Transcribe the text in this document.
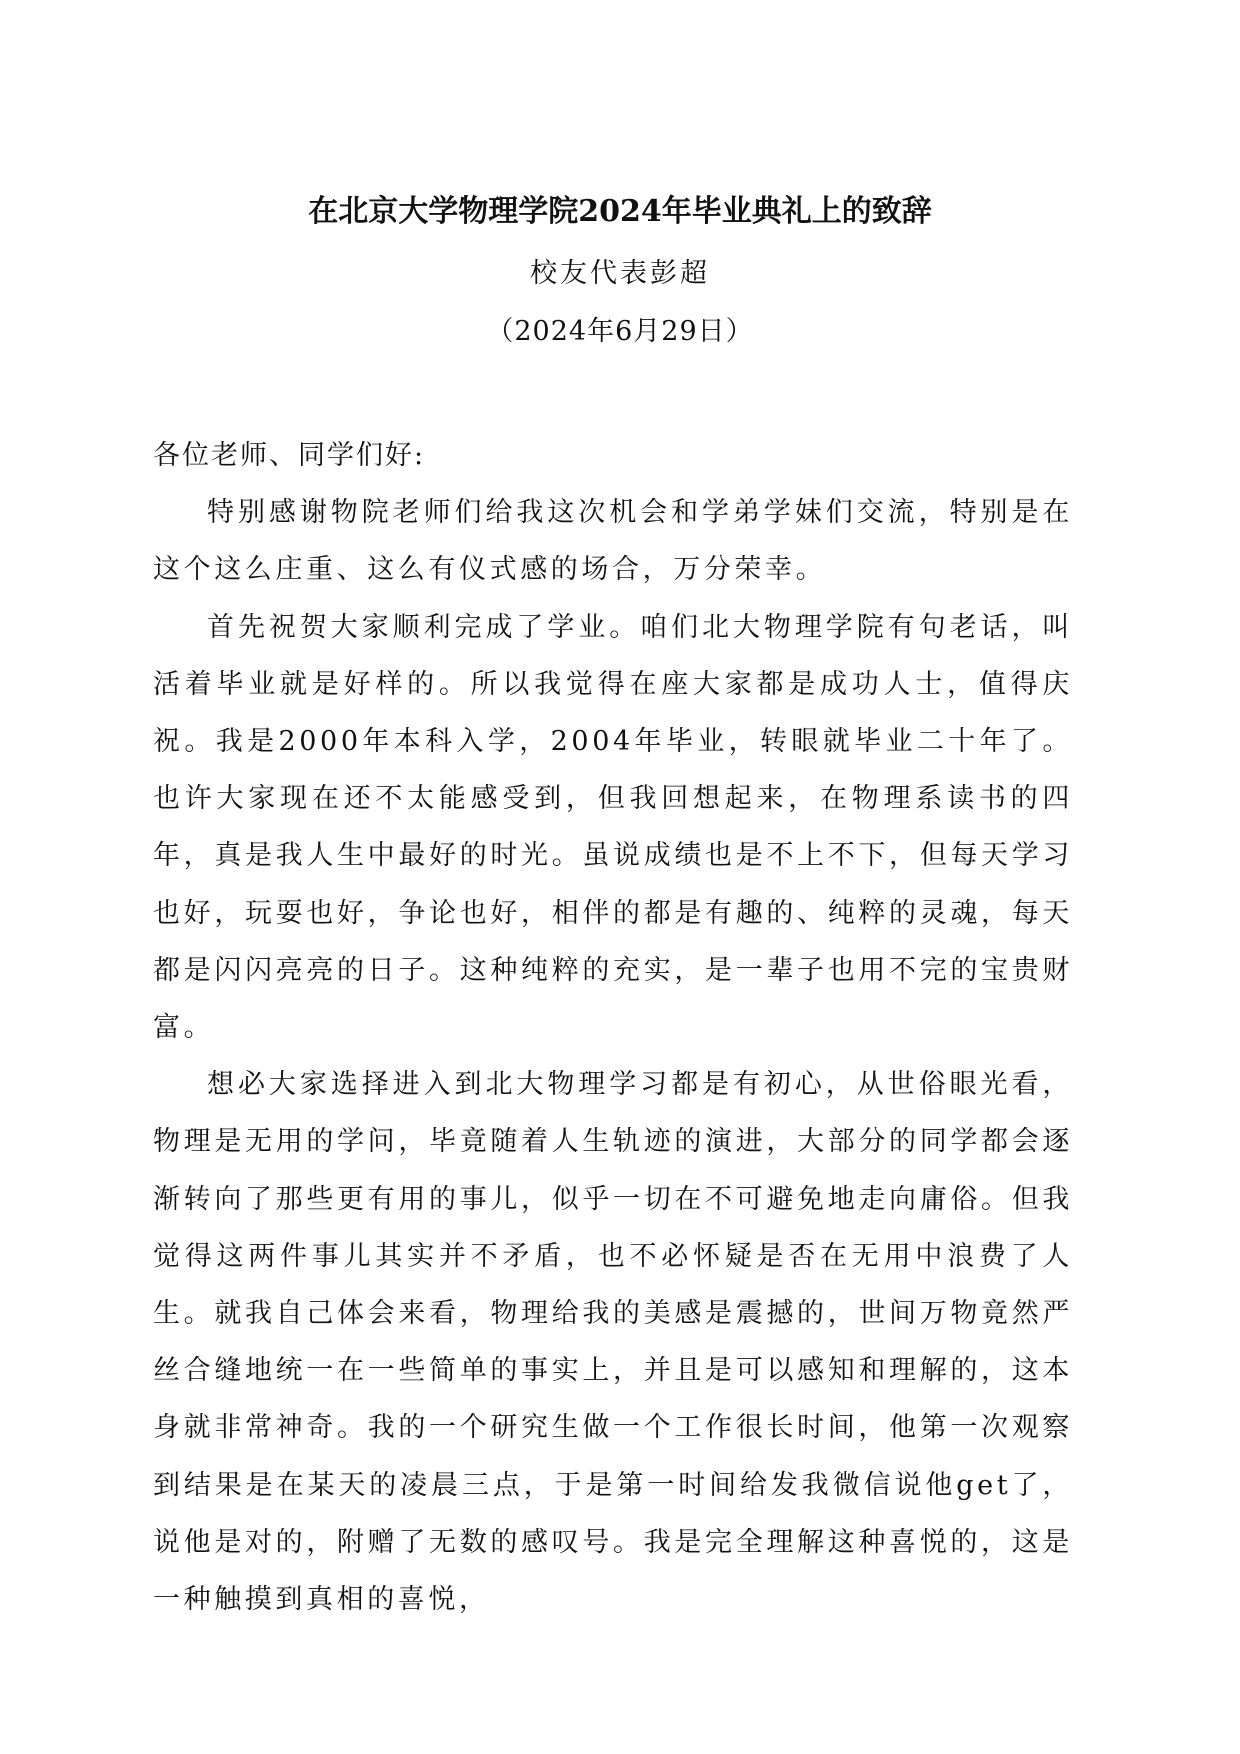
在北京大学物理学院2024年毕业典礼上的致辞
校友代表彭超
（2024年6月29日）

各位老师、同学们好:

特别感谢物院老师们给我这次机会和学弟学妹们交流，特别是在这个这么庄重、这么有仪式感的场合，万分荣幸。

首先祝贺大家顺利完成了学业。咱们北大物理学院有句老话，叫活着毕业就是好样的。所以我觉得在座大家都是成功人士，值得庆祝。我是2000年本科入学，2004年毕业，转眼就毕业二十年了。也许大家现在还不太能感受到，但我回想起来，在物理系读书的四年，真是我人生中最好的时光。虽说成绩也是不上不下，但每天学习也好，玩耍也好，争论也好，相伴的都是有趣的、纯粹的灵魂，每天都是闪闪亮亮的日子。这种纯粹的充实，是一辈子也用不完的宝贵财富。

想必大家选择进入到北大物理学习都是有初心，从世俗眼光看，物理是无用的学问，毕竟随着人生轨迹的演进，大部分的同学都会逐渐转向了那些更有用的事儿，似乎一切在不可避免地走向庸俗。但我觉得这两件事儿其实并不矛盾，也不必怀疑是否在无用中浪费了人生。就我自己体会来看，物理给我的美感是震撼的，世间万物竟然严丝合缝地统一在一些简单的事实上，并且是可以感知和理解的，这本身就非常神奇。我的一个研究生做一个工作很长时间，他第一次观察到结果是在某天的凌晨三点，于是第一时间给发我微信说他get了，说他是对的，附赠了无数的感叹号。我是完全理解这种喜悦的，这是一种触摸到真相的喜悦，
